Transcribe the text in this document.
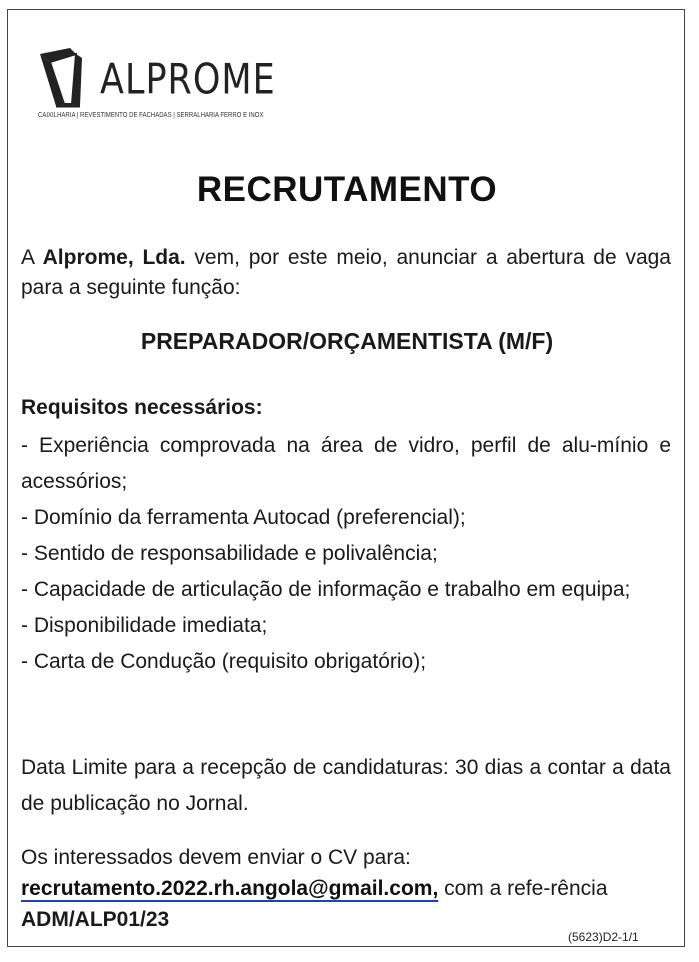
ALPROME
CAIXILHARIA | REVESTIMENTO DE FACHADAS | SERRALHARIA FERRO E INOX
RECRUTAMENTO
A Alprome, Lda. vem, por este meio, anunciar a abertura de vaga para a seguinte função:
PREPARADOR/ORÇAMENTISTA (M/F)
Requisitos necessários:
- Experiência comprovada na área de vidro, perfil de alu-mínio e acessórios;
- Domínio da ferramenta Autocad (preferencial);
- Sentido de responsabilidade e polivalência;
- Capacidade de articulação de informação e trabalho em equipa;
- Disponibilidade imediata;
- Carta de Condução (requisito obrigatório);
Data Limite para a recepção de candidaturas: 30 dias a contar a data de publicação no Jornal.
Os interessados devem enviar o CV para:
recrutamento.2022.rh.angola@gmail.com, com a refe-rência ADM/ALP01/23
(5623)D2-1/1
